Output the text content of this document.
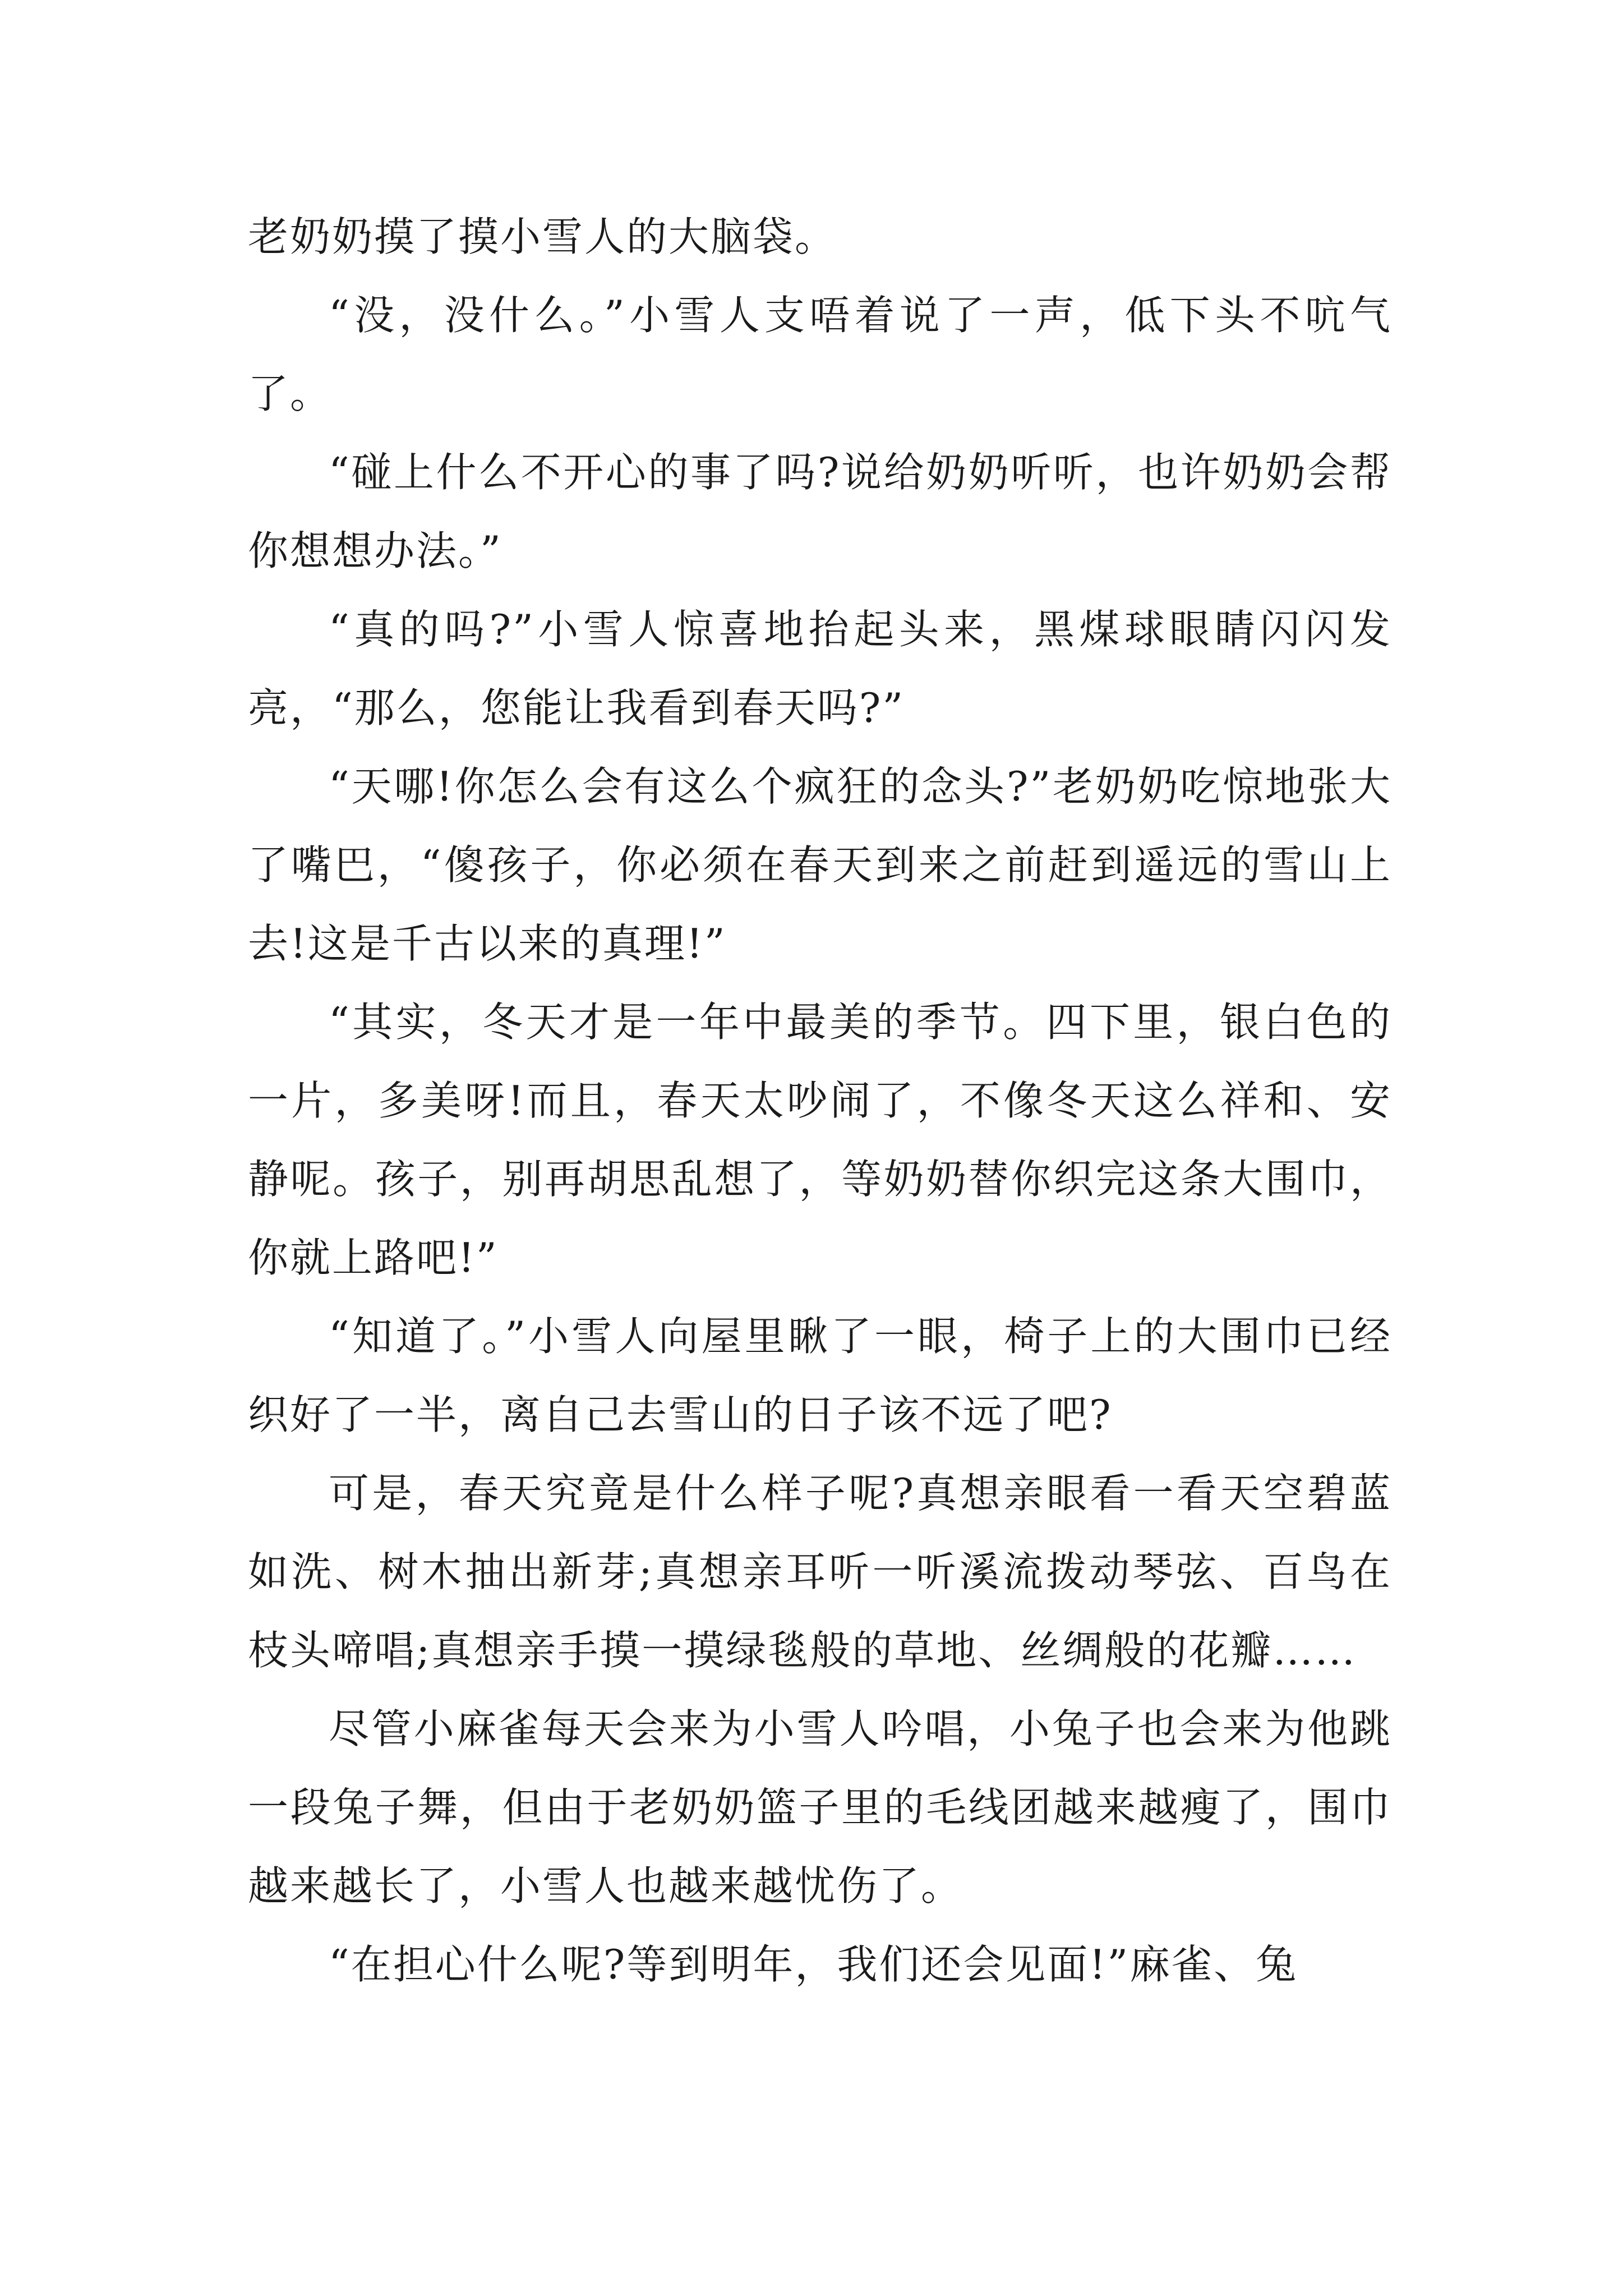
老奶奶摸了摸小雪人的大脑袋。

“没，没什么。”小雪人支唔着说了一声，低下头不吭气了。

“碰上什么不开心的事了吗?说给奶奶听听，也许奶奶会帮你想想办法。”

“真的吗?”小雪人惊喜地抬起头来，黑煤球眼睛闪闪发亮，“那么，您能让我看到春天吗?”

“天哪!你怎么会有这么个疯狂的念头?”老奶奶吃惊地张大了嘴巴，“傻孩子，你必须在春天到来之前赶到遥远的雪山上去!这是千古以来的真理!”

“其实，冬天才是一年中最美的季节。四下里，银白色的一片，多美呀!而且，春天太吵闹了，不像冬天这么祥和、安静呢。孩子，别再胡思乱想了，等奶奶替你织完这条大围巾，你就上路吧!”

“知道了。”小雪人向屋里瞅了一眼，椅子上的大围巾已经织好了一半，离自己去雪山的日子该不远了吧?

可是，春天究竟是什么样子呢?真想亲眼看一看天空碧蓝如洗、树木抽出新芽;真想亲耳听一听溪流拨动琴弦、百鸟在枝头啼唱;真想亲手摸一摸绿毯般的草地、丝绸般的花瓣……

尽管小麻雀每天会来为小雪人吟唱，小兔子也会来为他跳一段兔子舞，但由于老奶奶篮子里的毛线团越来越瘦了，围巾越来越长了，小雪人也越来越忧伤了。

“在担心什么呢?等到明年，我们还会见面!”麻雀、兔
